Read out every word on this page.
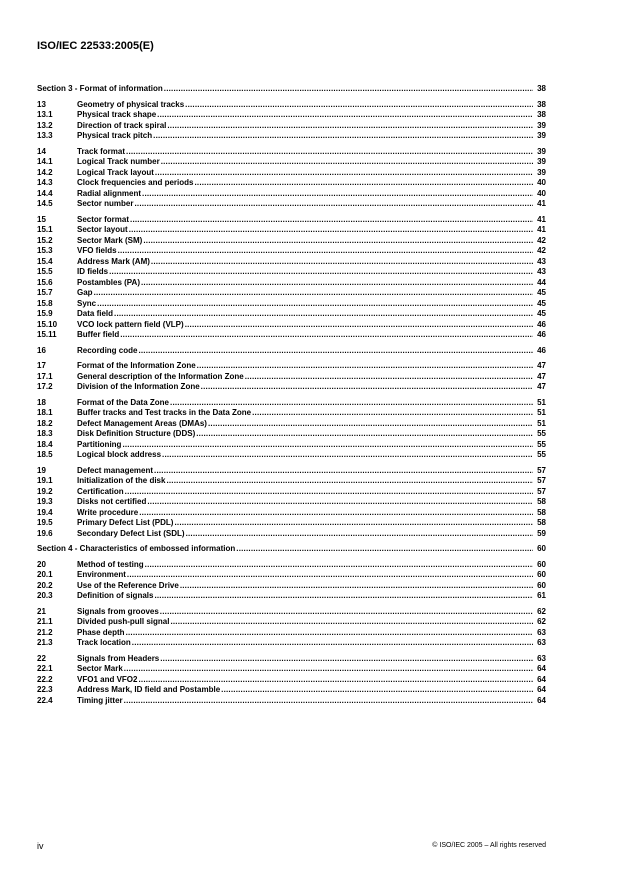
ISO/IEC 22533:2005(E)
Section 3 - Format of information .....	38
13	Geometry of physical tracks .....	38
13.1	Physical track shape .....	38
13.2	Direction of track spiral .....	39
13.3	Physical track pitch .....	39
14	Track format .....	39
14.1	Logical Track number .....	39
14.2	Logical Track layout .....	39
14.3	Clock frequencies and periods .....	40
14.4	Radial alignment .....	40
14.5	Sector number .....	41
15	Sector format .....	41
15.1	Sector layout .....	41
15.2	Sector Mark (SM) .....	42
15.3	VFO fields .....	42
15.4	Address Mark (AM) .....	43
15.5	ID fields .....	43
15.6	Postambles (PA) .....	44
15.7	Gap .....	45
15.8	Sync .....	45
15.9	Data field .....	45
15.10	VCO lock pattern field (VLP) .....	46
15.11	Buffer field .....	46
16	Recording code .....	46
17	Format of the Information Zone .....	47
17.1	General description of the Information Zone .....	47
17.2	Division of the Information Zone .....	47
18	Format of the Data Zone .....	51
18.1	Buffer tracks and Test tracks in the Data Zone .....	51
18.2	Defect Management Areas (DMAs) .....	51
18.3	Disk Definition Structure (DDS) .....	55
18.4	Partitioning .....	55
18.5	Logical block address .....	55
19	Defect management .....	57
19.1	Initialization of the disk .....	57
19.2	Certification .....	57
19.3	Disks not certified .....	58
19.4	Write procedure .....	58
19.5	Primary Defect List (PDL) .....	58
19.6	Secondary Defect List (SDL) .....	59
Section 4 - Characteristics of embossed information .....	60
20	Method of testing .....	60
20.1	Environment .....	60
20.2	Use of the Reference Drive .....	60
20.3	Definition of signals .....	61
21	Signals from grooves .....	62
21.1	Divided push-pull signal .....	62
21.2	Phase depth .....	63
21.3	Track location .....	63
22	Signals from Headers .....	63
22.1	Sector Mark .....	64
22.2	VFO1 and VFO2 .....	64
22.3	Address Mark, ID field and Postamble .....	64
22.4	Timing jitter .....	64
iv	© ISO/IEC 2005 – All rights reserved
